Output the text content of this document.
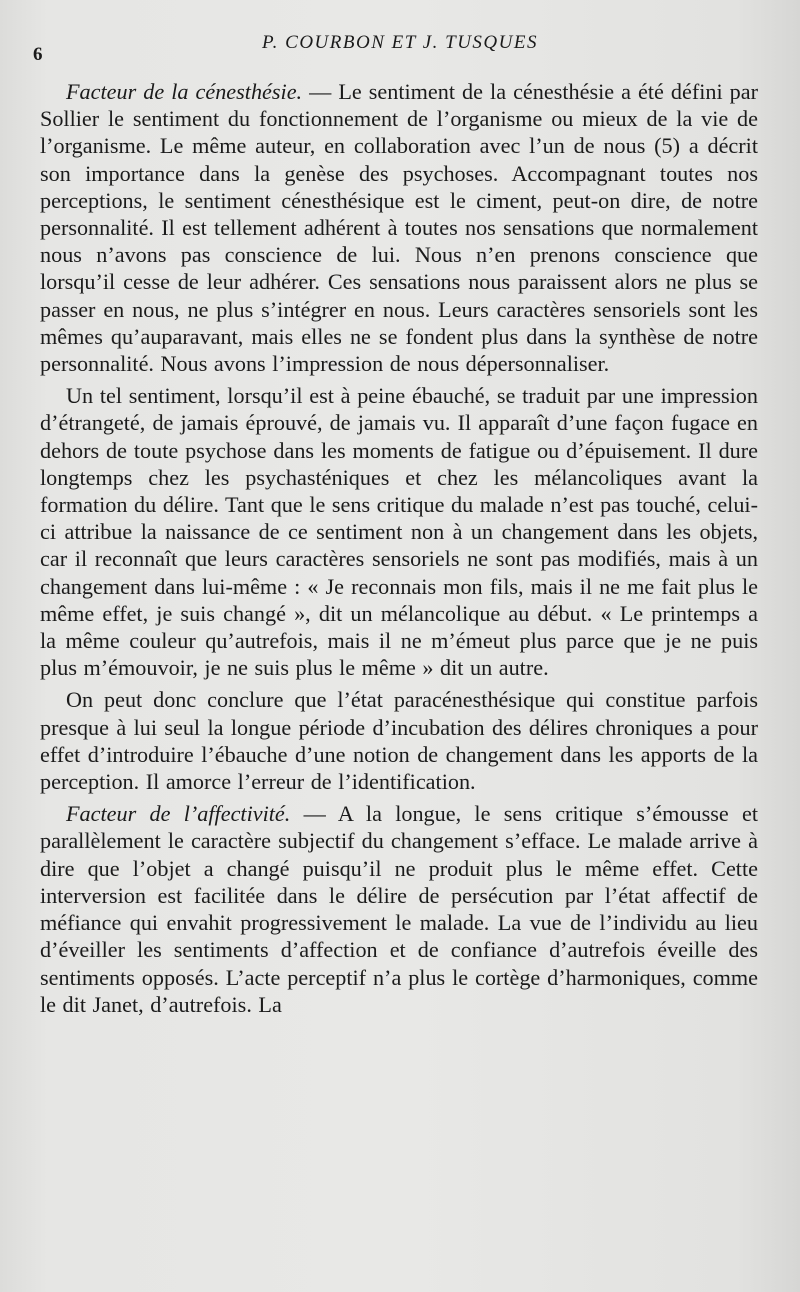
6
P. COURBON ET J. TUSQUES

Facteur de la cénesthésie. — Le sentiment de la cénesthésie a été défini par Sollier le sentiment du fonctionnement de l’organisme ou mieux de la vie de l’organisme. Le même auteur, en collaboration avec l’un de nous (5) a décrit son importance dans la genèse des psychoses. Accompagnant toutes nos perceptions, le sentiment cénesthésique est le ciment, peut-on dire, de notre personnalité. Il est tellement adhérent à toutes nos sensations que normalement nous n’avons pas conscience de lui. Nous n’en prenons conscience que lorsqu’il cesse de leur adhérer. Ces sensations nous paraissent alors ne plus se passer en nous, ne plus s’intégrer en nous. Leurs caractères sensoriels sont les mêmes qu’auparavant, mais elles ne se fondent plus dans la synthèse de notre personnalité. Nous avons l’impression de nous dépersonnaliser.

Un tel sentiment, lorsqu’il est à peine ébauché, se traduit par une impression d’étrangeté, de jamais éprouvé, de jamais vu. Il apparaît d’une façon fugace en dehors de toute psychose dans les moments de fatigue ou d’épuisement. Il dure longtemps chez les psychasténiques et chez les mélancoliques avant la formation du délire. Tant que le sens critique du malade n’est pas touché, celui-ci attribue la naissance de ce sentiment non à un changement dans les objets, car il reconnaît que leurs caractères sensoriels ne sont pas modifiés, mais à un changement dans lui-même : « Je reconnais mon fils, mais il ne me fait plus le même effet, je suis changé », dit un mélancolique au début. « Le printemps a la même couleur qu’autrefois, mais il ne m’émeut plus parce que je ne puis plus m’émouvoir, je ne suis plus le même » dit un autre.

On peut donc conclure que l’état paracénesthésique qui constitue parfois presque à lui seul la longue période d’incubation des délires chroniques a pour effet d’introduire l’ébauche d’une notion de changement dans les apports de la perception. Il amorce l’erreur de l’identification.

Facteur de l’affectivité. — A la longue, le sens critique s’émousse et parallèlement le caractère subjectif du changement s’efface. Le malade arrive à dire que l’objet a changé puisqu’il ne produit plus le même effet. Cette interversion est facilitée dans le délire de persécution par l’état affectif de méfiance qui envahit progressivement le malade. La vue de l’individu au lieu d’éveiller les sentiments d’affection et de confiance d’autrefois éveille des sentiments opposés. L’acte perceptif n’a plus le cortège d’harmoniques, comme le dit Janet, d’autrefois. La
